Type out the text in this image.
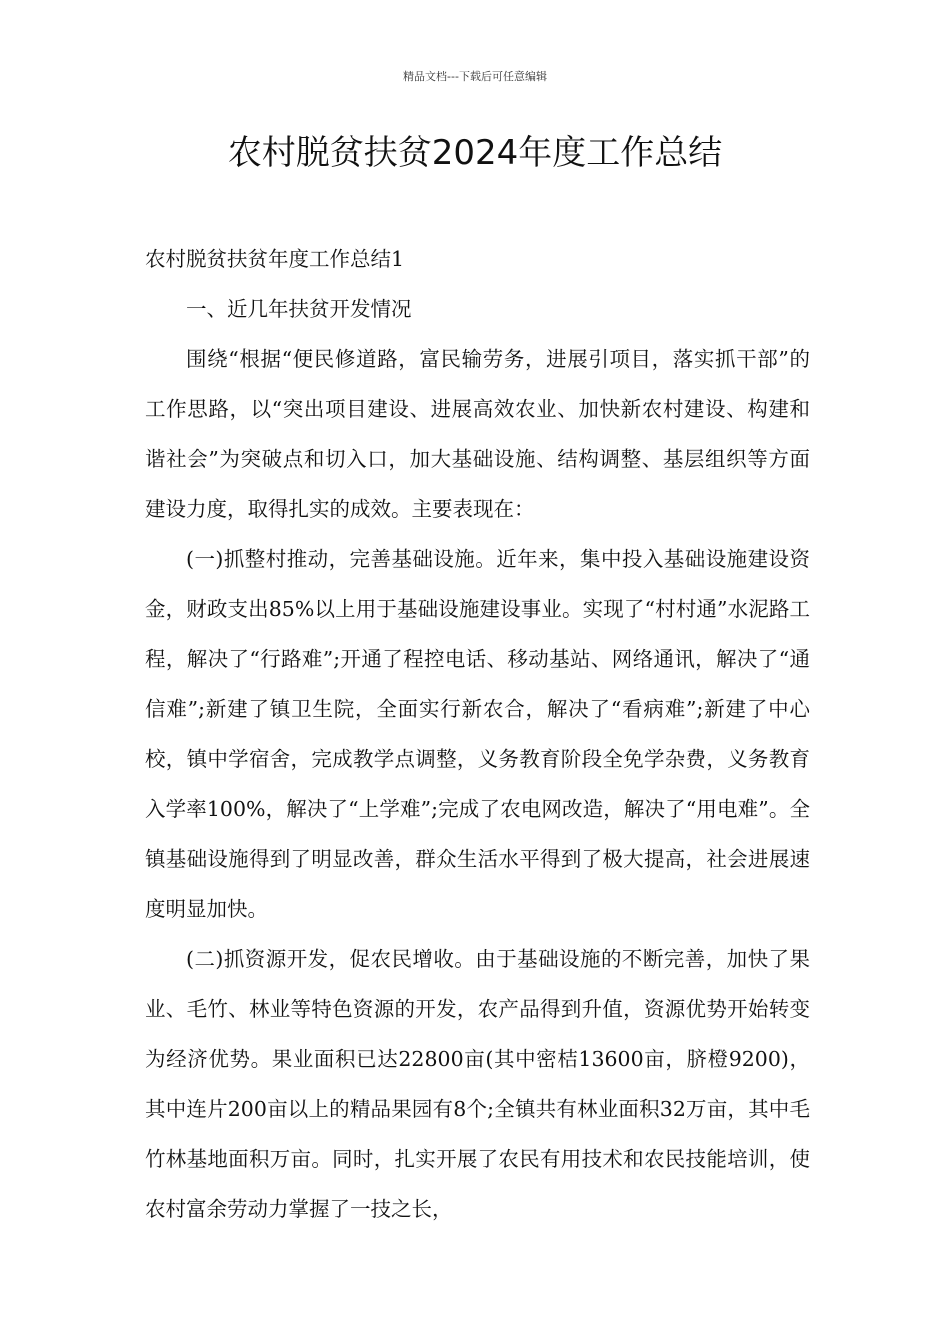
精品文档---下载后可任意编辑
农村脱贫扶贫2024年度工作总结

农村脱贫扶贫年度工作总结1

一、近几年扶贫开发情况

围绕“根据“便民修道路，富民输劳务，进展引项目，落实抓干部”的工作思路，以“突出项目建设、进展高效农业、加快新农村建设、构建和谐社会”为突破点和切入口，加大基础设施、结构调整、基层组织等方面建设力度，取得扎实的成效。主要表现在：

(一)抓整村推动，完善基础设施。近年来，集中投入基础设施建设资金，财政支出85%以上用于基础设施建设事业。实现了“村村通”水泥路工程，解决了“行路难”;开通了程控电话、移动基站、网络通讯，解决了“通信难”;新建了镇卫生院，全面实行新农合，解决了“看病难”;新建了中心校，镇中学宿舍，完成教学点调整，义务教育阶段全免学杂费，义务教育入学率100%，解决了“上学难”;完成了农电网改造，解决了“用电难”。全镇基础设施得到了明显改善，群众生活水平得到了极大提高，社会进展速度明显加快。

(二)抓资源开发，促农民增收。由于基础设施的不断完善，加快了果业、毛竹、林业等特色资源的开发，农产品得到升值，资源优势开始转变为经济优势。果业面积已达22800亩(其中密桔13600亩，脐橙9200)，其中连片200亩以上的精品果园有8个;全镇共有林业面积32万亩，其中毛竹林基地面积万亩。同时，扎实开展了农民有用技术和农民技能培训，使农村富余劳动力掌握了一技之长，
